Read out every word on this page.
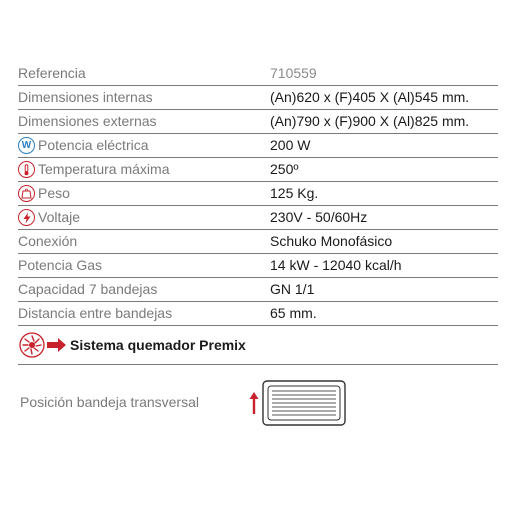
Referencia	710559
Dimensiones internas	(An)620 x (F)405 X (Al)545 mm.
Dimensiones externas	(An)790 x (F)900 X (Al)825 mm.
W Potencia eléctrica	200 W
Temperatura máxima	250º
Peso	125 Kg.
Voltaje	230V - 50/60Hz
Conexión	Schuko Monofásico
Potencia Gas	14 kW - 12040 kcal/h
Capacidad 7 bandejas	GN 1/1
Distancia entre bandejas	65 mm.
Sistema quemador Premix
Posición bandeja transversal
